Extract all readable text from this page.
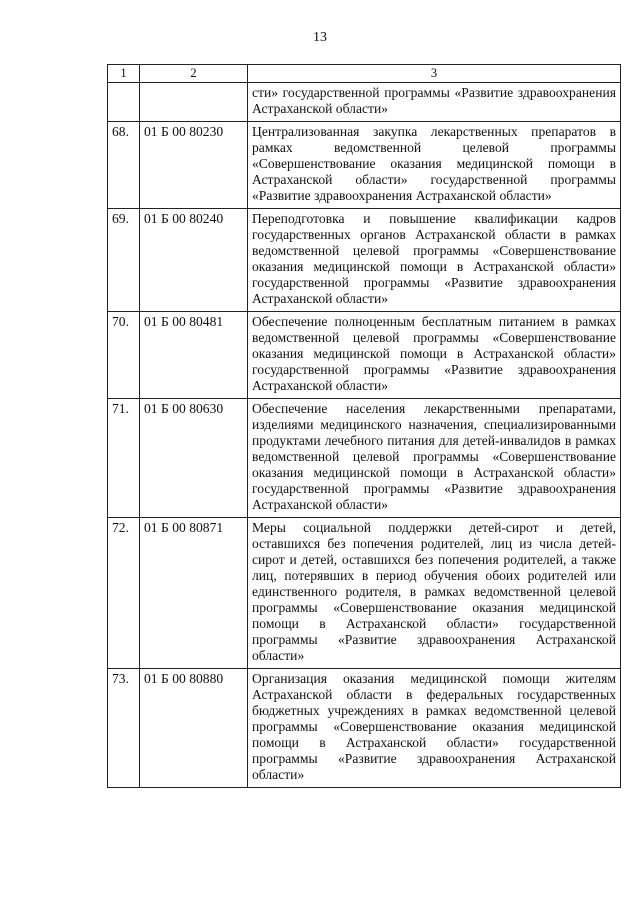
13
1	2	3
		сти» государственной программы «Развитие здравоохранения Астраханской области»
68.	01 Б 00 80230	Централизованная закупка лекарственных препаратов в рамках ведомственной целевой программы «Совершенствование оказания медицинской помощи в Астраханской области» государственной программы «Развитие здравоохранения Астраханской области»
69.	01 Б 00 80240	Переподготовка и повышение квалификации кадров государственных органов Астраханской области в рамках ведомственной целевой программы «Совершенствование оказания медицинской помощи в Астраханской области» государственной программы «Развитие здравоохранения Астраханской области»
70.	01 Б 00 80481	Обеспечение полноценным бесплатным питанием в рамках ведомственной целевой программы «Совершенствование оказания медицинской помощи в Астраханской области» государственной программы «Развитие здравоохранения Астраханской области»
71.	01 Б 00 80630	Обеспечение населения лекарственными препаратами, изделиями медицинского назначения, специализированными продуктами лечебного питания для детей-инвалидов в рамках ведомственной целевой программы «Совершенствование оказания медицинской помощи в Астраханской области» государственной программы «Развитие здравоохранения Астраханской области»
72.	01 Б 00 80871	Меры социальной поддержки детей-сирот и детей, оставшихся без попечения родителей, лиц из числа детей-сирот и детей, оставшихся без попечения родителей, а также лиц, потерявших в период обучения обоих родителей или единственного родителя, в рамках ведомственной целевой программы «Совершенствование оказания медицинской помощи в Астраханской области» государственной программы «Развитие здравоохранения Астраханской области»
73.	01 Б 00 80880	Организация оказания медицинской помощи жителям Астраханской области в федеральных государственных бюджетных учреждениях в рамках ведомственной целевой программы «Совершенствование оказания медицинской помощи в Астраханской области» государственной программы «Развитие здравоохранения Астраханской области»
